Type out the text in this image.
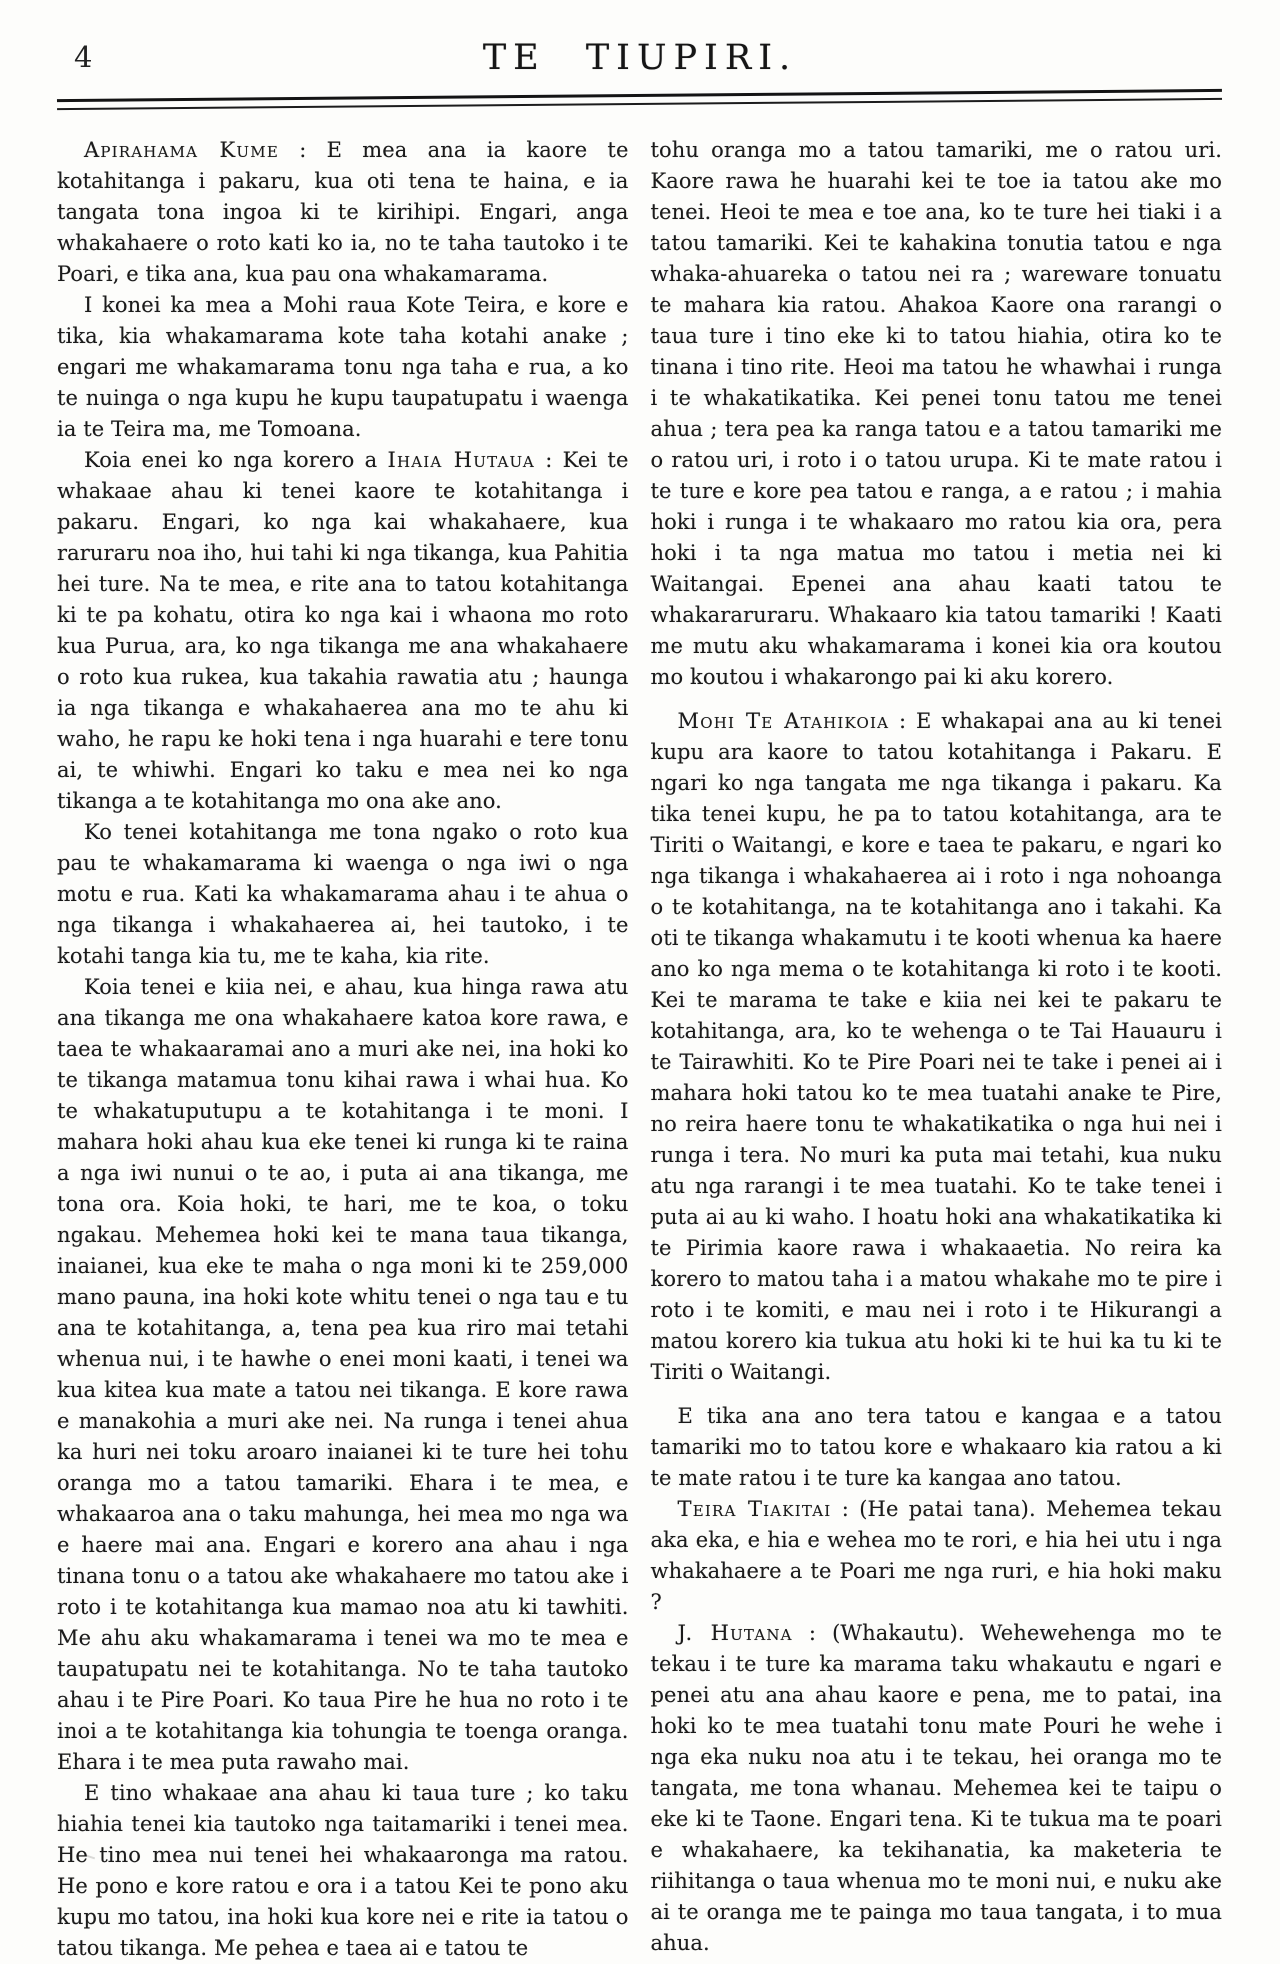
4	TE TIUPIRI.

Apirahama Kume : E mea ana ia kaore te kotahitanga i pakaru, kua oti tena te haina, e ia tangata tona ingoa ki te kirihipi. Engari, anga whakahaere o roto kati ko ia, no te taha tautoko i te Poari, e tika ana, kua pau ona whakamarama.

I konei ka mea a Mohi raua Kote Teira, e kore e tika, kia whakamarama kote taha kotahi anake ; engari me whakamarama tonu nga taha e rua, a ko te nuinga o nga kupu he kupu taupatupatu i waenga ia te Teira ma, me Tomoana.

Koia enei ko nga korero a Ihaia Hutaua : Kei te whakaae ahau ki tenei kaore te kotahitanga i pakaru. Engari, ko nga kai whakahaere, kua raruraru noa iho, hui tahi ki nga tikanga, kua Pahitia hei ture. Na te mea, e rite ana to tatou kotahitanga ki te pa kohatu, otira ko nga kai i whaona mo roto kua Purua, ara, ko nga tikanga me ana whakahaere o roto kua rukea, kua takahia rawatia atu ; haunga ia nga tikanga e whakahaerea ana mo te ahu ki waho, he rapu ke hoki tena i nga huarahi e tere tonu ai, te whiwhi. Engari ko taku e mea nei ko nga tikanga a te kotahitanga mo ona ake ano.

Ko tenei kotahitanga me tona ngako o roto kua pau te whakamarama ki waenga o nga iwi o nga motu e rua. Kati ka whakamarama ahau i te ahua o nga tikanga i whakahaerea ai, hei tautoko, i te kotahi tanga kia tu, me te kaha, kia rite.

Koia tenei e kiia nei, e ahau, kua hinga rawa atu ana tikanga me ona whakahaere katoa kore rawa, e taea te whakaaramai ano a muri ake nei, ina hoki ko te tikanga matamua tonu kihai rawa i whai hua. Ko te whakatuputupu a te kotahitanga i te moni. I mahara hoki ahau kua eke tenei ki runga ki te raina a nga iwi nunui o te ao, i puta ai ana tikanga, me tona ora. Koia hoki, te hari, me te koa, o toku ngakau. Mehemea hoki kei te mana taua tikanga, inaianei, kua eke te maha o nga moni ki te 259,000 mano pauna, ina hoki kote whitu tenei o nga tau e tu ana te kotahitanga, a, tena pea kua riro mai tetahi whenua nui, i te hawhe o enei moni kaati, i tenei wa kua kitea kua mate a tatou nei tikanga. E kore rawa e manakohia a muri ake nei. Na runga i tenei ahua ka huri nei toku aroaro inaianei ki te ture hei tohu oranga mo a tatou tamariki. Ehara i te mea, e whakaaroa ana o taku mahunga, hei mea mo nga wa e haere mai ana. Engari e korero ana ahau i nga tinana tonu o a tatou ake whakahaere mo tatou ake i roto i te kotahitanga kua mamao noa atu ki tawhiti. Me ahu aku whakamarama i tenei wa mo te mea e taupatupatu nei te kotahitanga. No te taha tautoko ahau i te Pire Poari. Ko taua Pire he hua no roto i te inoi a te kotahitanga kia tohungia te toenga oranga. Ehara i te mea puta rawaho mai.

E tino whakaae ana ahau ki taua ture ; ko taku hiahia tenei kia tautoko nga taitamariki i tenei mea. He tino mea nui tenei hei whakaaronga ma ratou. He pono e kore ratou e ora i a tatou Kei te pono aku kupu mo tatou, ina hoki kua kore nei e rite ia tatou o tatou tikanga. Me pehea e taea ai e tatou te

tohu oranga mo a tatou tamariki, me o ratou uri. Kaore rawa he huarahi kei te toe ia tatou ake mo tenei. Heoi te mea e toe ana, ko te ture hei tiaki i a tatou tamariki. Kei te kahakina tonutia tatou e nga whaka-ahuareka o tatou nei ra ; wareware tonuatu te mahara kia ratou. Ahakoa Kaore ona rarangi o taua ture i tino eke ki to tatou hiahia, otira ko te tinana i tino rite. Heoi ma tatou he whawhai i runga i te whakatikatika. Kei penei tonu tatou me tenei ahua ; tera pea ka ranga tatou e a tatou tamariki me o ratou uri, i roto i o tatou urupa. Ki te mate ratou i te ture e kore pea tatou e ranga, a e ratou ; i mahia hoki i runga i te whakaaro mo ratou kia ora, pera hoki i ta nga matua mo tatou i metia nei ki Waitangai. Epenei ana ahau kaati tatou te whakararuraru. Whakaaro kia tatou tamariki ! Kaati me mutu aku whakamarama i konei kia ora koutou mo koutou i whakarongo pai ki aku korero.

Mohi Te Atahikoia : E whakapai ana au ki tenei kupu ara kaore to tatou kotahitanga i Pakaru. E ngari ko nga tangata me nga tikanga i pakaru. Ka tika tenei kupu, he pa to tatou kotahitanga, ara te Tiriti o Waitangi, e kore e taea te pakaru, e ngari ko nga tikanga i whakahaerea ai i roto i nga nohoanga o te kotahitanga, na te kotahitanga ano i takahi. Ka oti te tikanga whakamutu i te kooti whenua ka haere ano ko nga mema o te kotahitanga ki roto i te kooti. Kei te marama te take e kiia nei kei te pakaru te kotahitanga, ara, ko te wehenga o te Tai Hauauru i te Tairawhiti. Ko te Pire Poari nei te take i penei ai i mahara hoki tatou ko te mea tuatahi anake te Pire, no reira haere tonu te whakatikatika o nga hui nei i runga i tera. No muri ka puta mai tetahi, kua nuku atu nga rarangi i te mea tuatahi. Ko te take tenei i puta ai au ki waho. I hoatu hoki ana whakatikatika ki te Pirimia kaore rawa i whakaaetia. No reira ka korero to matou taha i a matou whakahe mo te pire i roto i te komiti, e mau nei i roto i te Hikurangi a matou korero kia tukua atu hoki ki te hui ka tu ki te Tiriti o Waitangi.

E tika ana ano tera tatou e kangaa e a tatou tamariki mo to tatou kore e whakaaro kia ratou a ki te mate ratou i te ture ka kangaa ano tatou.

Teira Tiakitai : (He patai tana). Mehemea tekau aka eka, e hia e wehea mo te rori, e hia hei utu i nga whakahaere a te Poari me nga ruri, e hia hoki maku ?

J. Hutana : (Whakautu). Wehewehenga mo te tekau i te ture ka marama taku whakautu e ngari e penei atu ana ahau kaore e pena, me to patai, ina hoki ko te mea tuatahi tonu mate Pouri he wehe i nga eka nuku noa atu i te tekau, hei oranga mo te tangata, me tona whanau. Mehemea kei te taipu o eke ki te Taone. Engari tena. Ki te tukua ma te poari e whakahaere, ka tekihanatia, ka maketeria te riihitanga o taua whenua mo te moni nui, e nuku ake ai te oranga me te painga mo taua tangata, i to mua ahua.
